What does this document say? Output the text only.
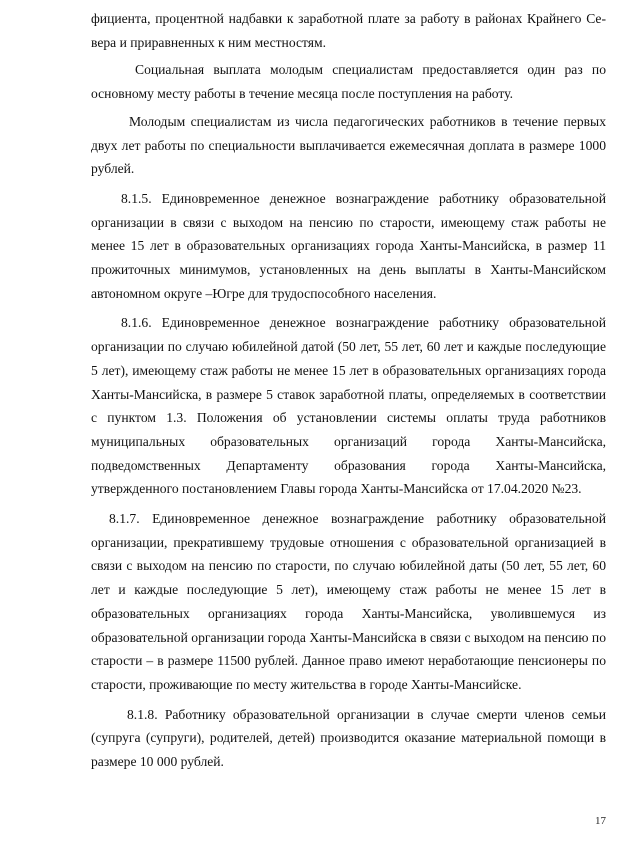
фициента, процентной надбавки к заработной плате за работу в районах Крайнего Севера и приравненных к ним местностям.

Социальная выплата молодым специалистам предоставляется один раз по основному месту работы в течение месяца после поступления на работу.

Молодым специалистам из числа педагогических работников в течение первых двух лет работы по специальности выплачивается ежемесячная доплата в размере 1000 рублей.

8.1.5. Единовременное денежное вознаграждение работнику образовательной организации в связи с выходом на пенсию по старости, имеющему стаж работы не менее 15 лет в образовательных организациях города Ханты-Мансийска, в размер 11 прожиточных минимумов, установленных на день выплаты в Ханты-Мансийском автономном округе –Югре для трудоспособного населения.

8.1.6. Единовременное денежное вознаграждение работнику образовательной организации по случаю юбилейной датой (50 лет, 55 лет, 60 лет и каждые последующие 5 лет), имеющему стаж работы не менее 15 лет в образовательных организациях города Ханты-Мансийска, в размере 5 ставок заработной платы, определяемых в соответствии с пунктом 1.3. Положения об установлении системы оплаты труда работников муниципальных образовательных организаций города Ханты-Мансийска, подведомственных Департаменту образования города Ханты-Мансийска, утвержденного постановлением Главы города Ханты-Мансийска от 17.04.2020 №23.

8.1.7. Единовременное денежное вознаграждение работнику образовательной организации, прекратившему трудовые отношения с образовательной организацией в связи с выходом на пенсию по старости, по случаю юбилейной даты (50 лет, 55 лет, 60 лет и каждые последующие 5 лет), имеющему стаж работы не менее 15 лет в образовательных организациях города Ханты-Мансийска, уволившемуся из образовательной организации города Ханты-Мансийска в связи с выходом на пенсию по старости – в размере 11500 рублей. Данное право имеют неработающие пенсионеры по старости, проживающие по месту жительства в городе Ханты-Мансийске.

8.1.8. Работнику образовательной организации в случае смерти членов семьи (супруга (супруги), родителей, детей) производится оказание материальной помощи в размере 10 000 рублей.

17
